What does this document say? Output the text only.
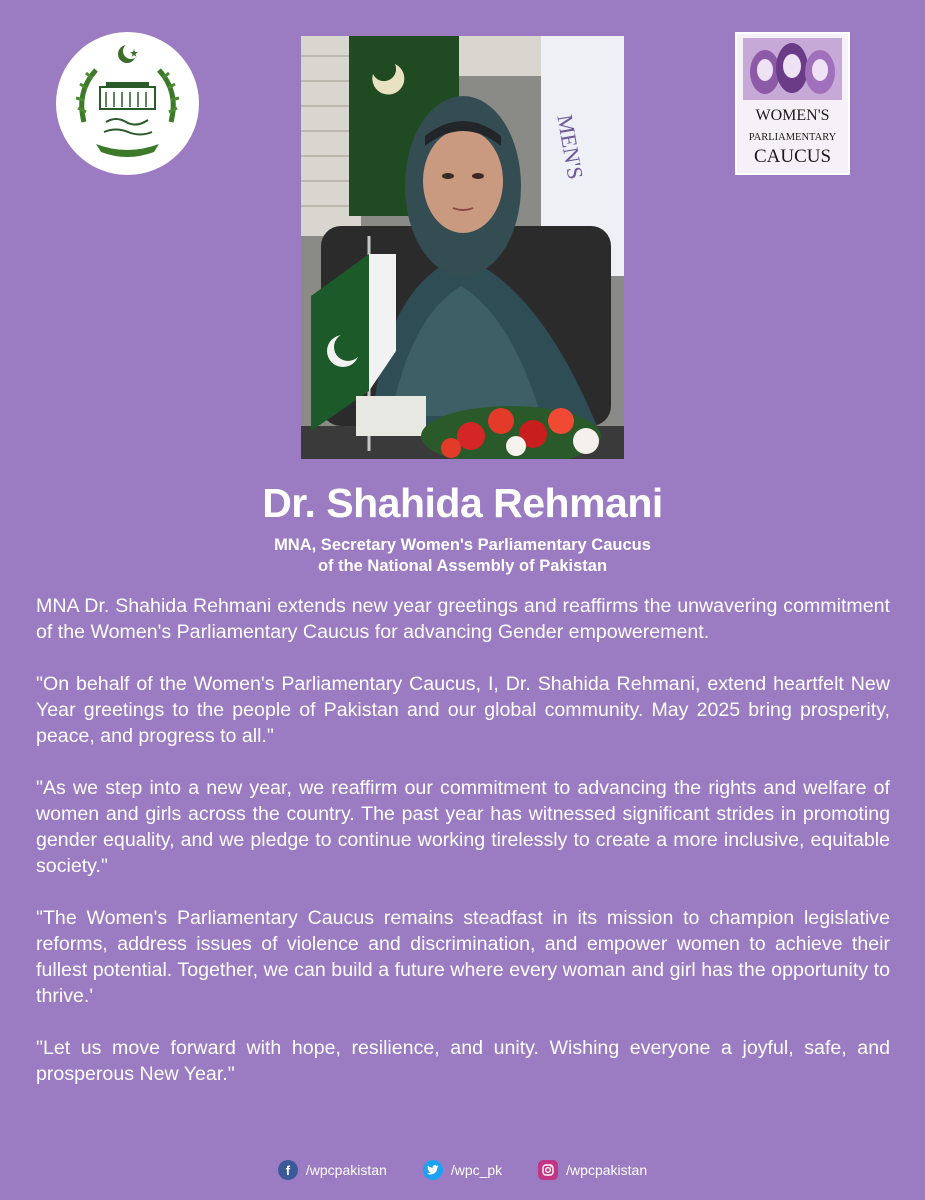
MEN'S	WOMEN'S
PARLIAMENTARY
CAUCUS
Dr. Shahida Rehmani
MNA, Secretary Women's Parliamentary Caucus
of the National Assembly of Pakistan

MNA Dr. Shahida Rehmani extends new year greetings and reaffirms the unwavering commitment of the Women's Parliamentary Caucus for advancing Gender empowerement.

"On behalf of the Women's Parliamentary Caucus, I, Dr. Shahida Rehmani, extend heartfelt New Year greetings to the people of Pakistan and our global community. May 2025 bring prosperity, peace, and progress to all."

"As we step into a new year, we reaffirm our commitment to advancing the rights and welfare of women and girls across the country. The past year has witnessed significant strides in promoting gender equality, and we pledge to continue working tirelessly to create a more inclusive, equitable society."

"The Women's Parliamentary Caucus remains steadfast in its mission to champion legislative reforms, address issues of violence and discrimination, and empower women to achieve their fullest potential. Together, we can build a future where every woman and girl has the opportunity to thrive.'

"Let us move forward with hope, resilience, and unity. Wishing everyone a joyful, safe, and prosperous New Year."

f	/wpcpakistan	/wpc_pk	/wpcpakistan
